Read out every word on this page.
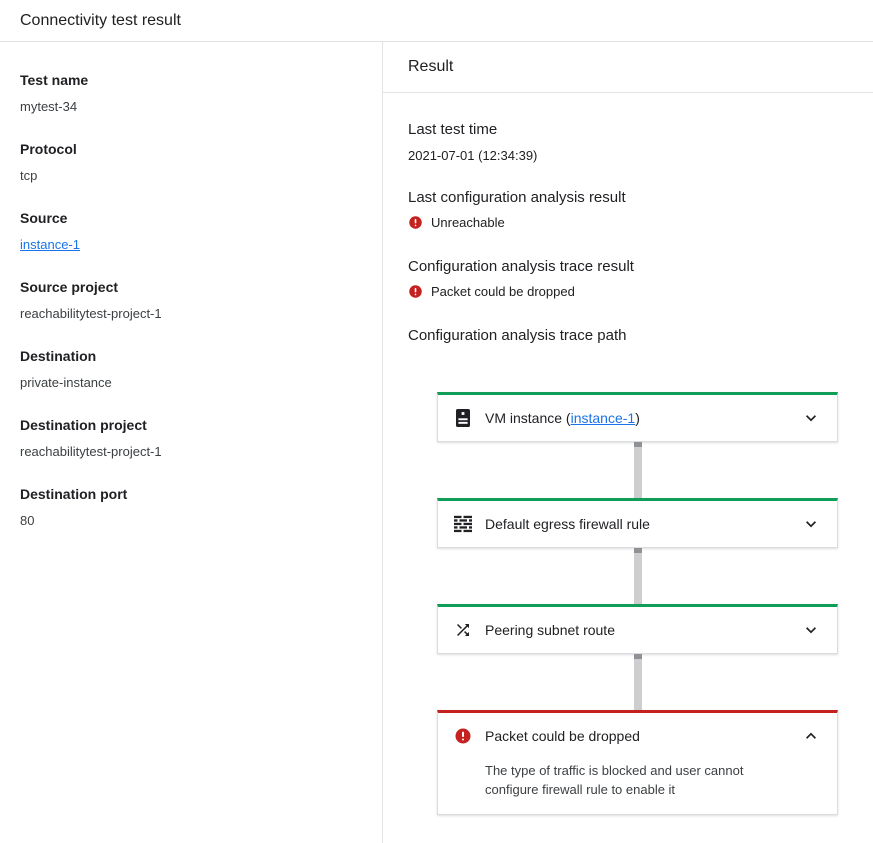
Connectivity test result
Test name
mytest-34
Protocol
tcp
Source
instance-1
Source project
reachabilitytest-project-1
Destination
private-instance
Destination project
reachabilitytest-project-1
Destination port
80
Result
Last test time
2021-07-01 (12:34:39)
Last configuration analysis result
Unreachable
Configuration analysis trace result
Packet could be dropped
Configuration analysis trace path
VM instance (instance-1)
Default egress firewall rule
Peering subnet route
Packet could be dropped
The type of traffic is blocked and user cannot configure firewall rule to enable it
